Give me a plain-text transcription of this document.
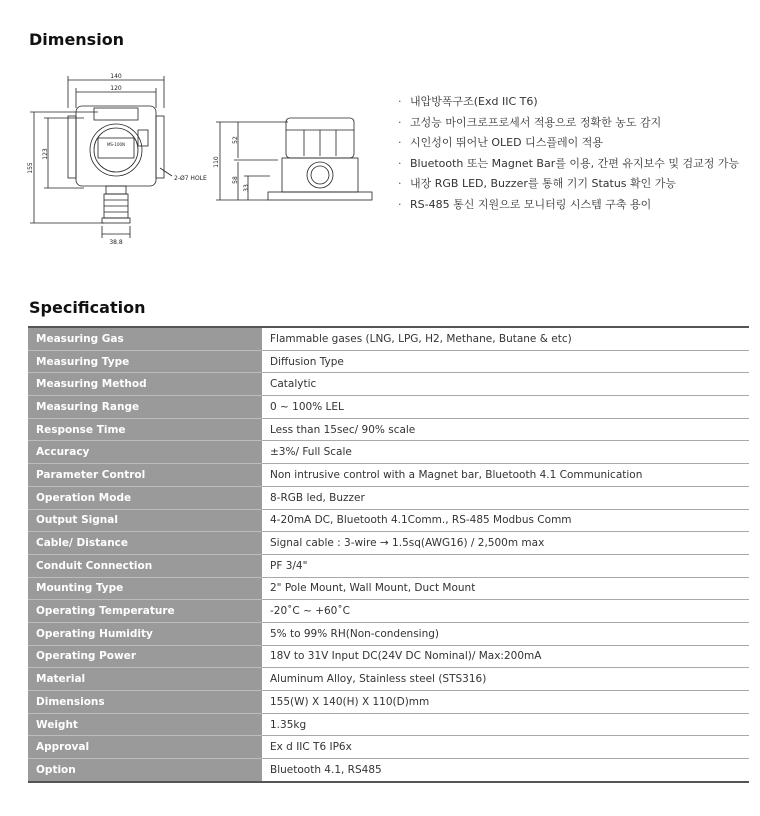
Dimension
140
120
155
123
2-Ø7 HOLE
38.8
MS-100N
110
52
58
33
· 내압방폭구조(Exd IIC T6)
· 고성능 마이크로프로세서 적용으로 정확한 농도 감지
· 시인성이 뛰어난 OLED 디스플레이 적용
· Bluetooth 또는 Magnet Bar를 이용, 간편 유지보수 및 검교정 가능
· 내장 RGB LED, Buzzer를 통해 기기 Status 확인 가능
· RS-485 통신 지원으로 모니터링 시스템 구축 용이
Specification
Measuring Gas	Flammable gases (LNG, LPG, H2, Methane, Butane & etc)
Measuring Type	Diffusion Type
Measuring Method	Catalytic
Measuring Range	0 ~ 100% LEL
Response Time	Less than 15sec/ 90% scale
Accuracy	±3%/ Full Scale
Parameter Control	Non intrusive control with a Magnet bar, Bluetooth 4.1 Communication
Operation Mode	8-RGB led, Buzzer
Output Signal	4-20mA DC, Bluetooth 4.1Comm., RS-485 Modbus Comm
Cable/ Distance	Signal cable : 3-wire → 1.5sq(AWG16) / 2,500m max
Conduit Connection	PF 3/4"
Mounting Type	2" Pole Mount, Wall Mount, Duct Mount
Operating Temperature	-20˚C ~ +60˚C
Operating Humidity	5% to 99% RH(Non-condensing)
Operating Power	18V to 31V Input DC(24V DC Nominal)/ Max:200mA
Material	Aluminum Alloy, Stainless steel (STS316)
Dimensions	155(W) X 140(H) X 110(D)mm
Weight	1.35kg
Approval	Ex d IIC T6 IP6x
Option	Bluetooth 4.1, RS485
